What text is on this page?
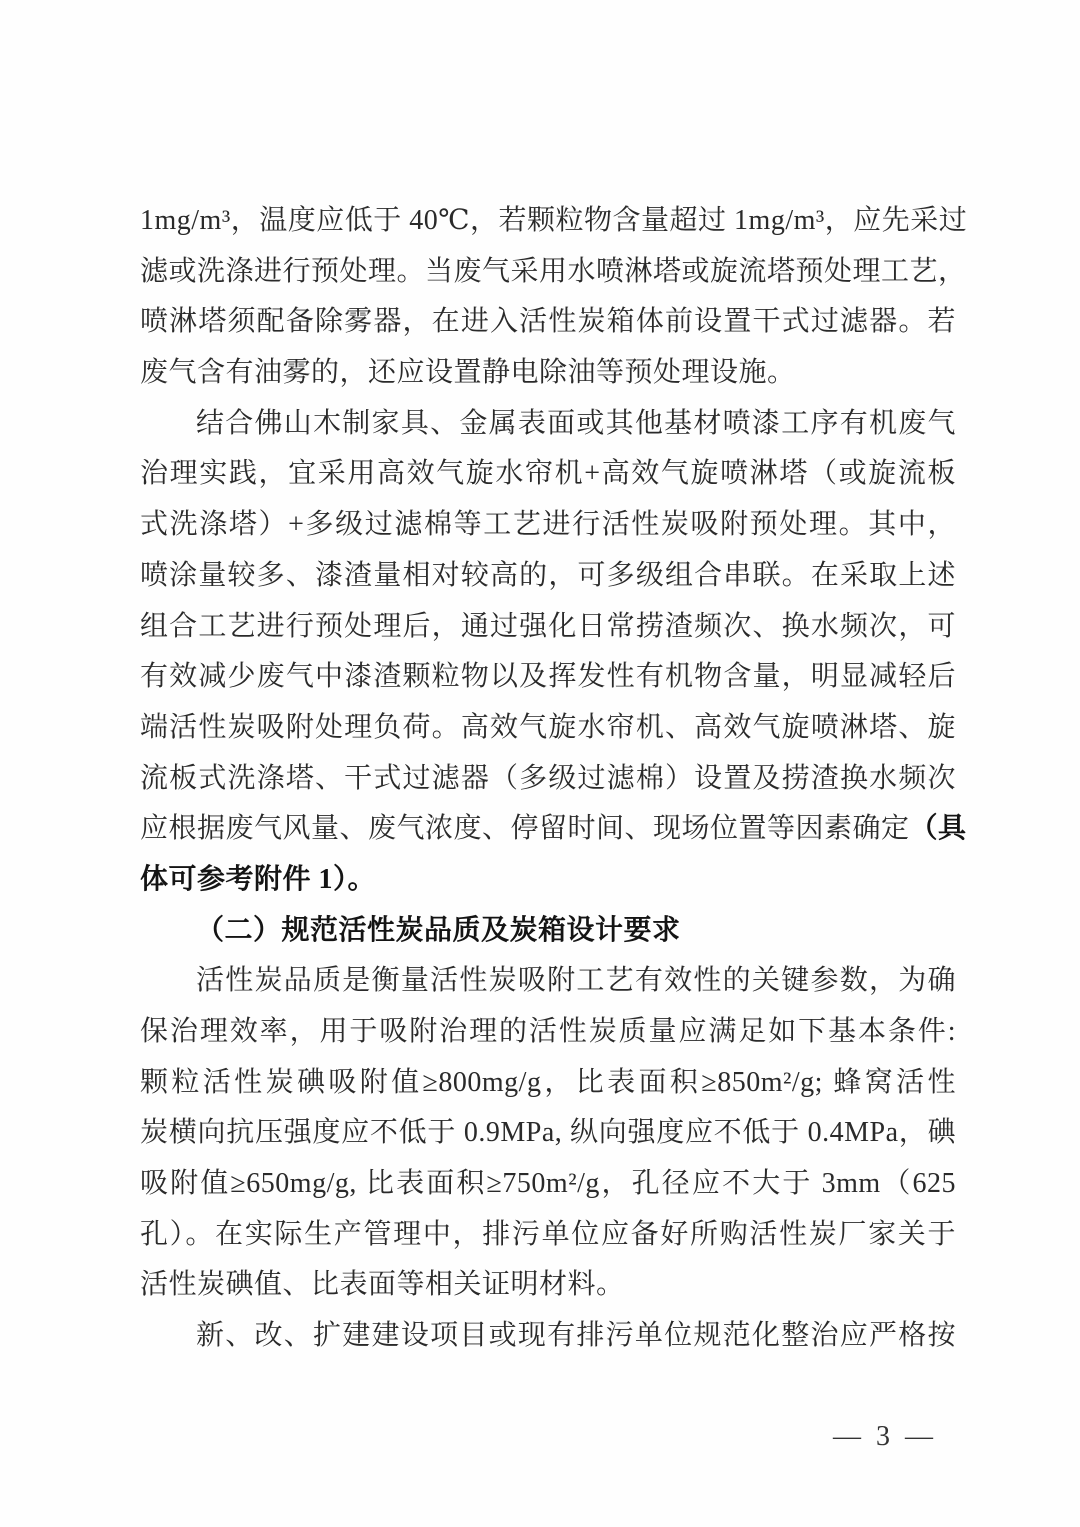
1mg/m³，温度应低于 40℃，若颗粒物含量超过 1mg/m³，应先采过
滤或洗涤进行预处理。当废气采用水喷淋塔或旋流塔预处理工艺，
喷淋塔须配备除雾器，在进入活性炭箱体前设置干式过滤器。若
废气含有油雾的，还应设置静电除油等预处理设施。
结合佛山木制家具、金属表面或其他基材喷漆工序有机废气
治理实践，宜采用高效气旋水帘机+高效气旋喷淋塔（或旋流板
式洗涤塔）+多级过滤棉等工艺进行活性炭吸附预处理。其中，
喷涂量较多、漆渣量相对较高的，可多级组合串联。在采取上述
组合工艺进行预处理后，通过强化日常捞渣频次、换水频次，可
有效减少废气中漆渣颗粒物以及挥发性有机物含量，明显减轻后
端活性炭吸附处理负荷。高效气旋水帘机、高效气旋喷淋塔、旋
流板式洗涤塔、干式过滤器（多级过滤棉）设置及捞渣换水频次
应根据废气风量、废气浓度、停留时间、现场位置等因素确定（具
体可参考附件 1）。
（二）规范活性炭品质及炭箱设计要求
活性炭品质是衡量活性炭吸附工艺有效性的关键参数，为确
保治理效率，用于吸附治理的活性炭质量应满足如下基本条件:
颗粒活性炭碘吸附值≥800mg/g，比表面积≥850m²/g; 蜂窝活性
炭横向抗压强度应不低于 0.9MPa, 纵向强度应不低于 0.4MPa，碘
吸附值≥650mg/g, 比表面积≥750m²/g，孔径应不大于 3mm（625
孔）。在实际生产管理中，排污单位应备好所购活性炭厂家关于
活性炭碘值、比表面等相关证明材料。
新、改、扩建建设项目或现有排污单位规范化整治应严格按
— 3 —
